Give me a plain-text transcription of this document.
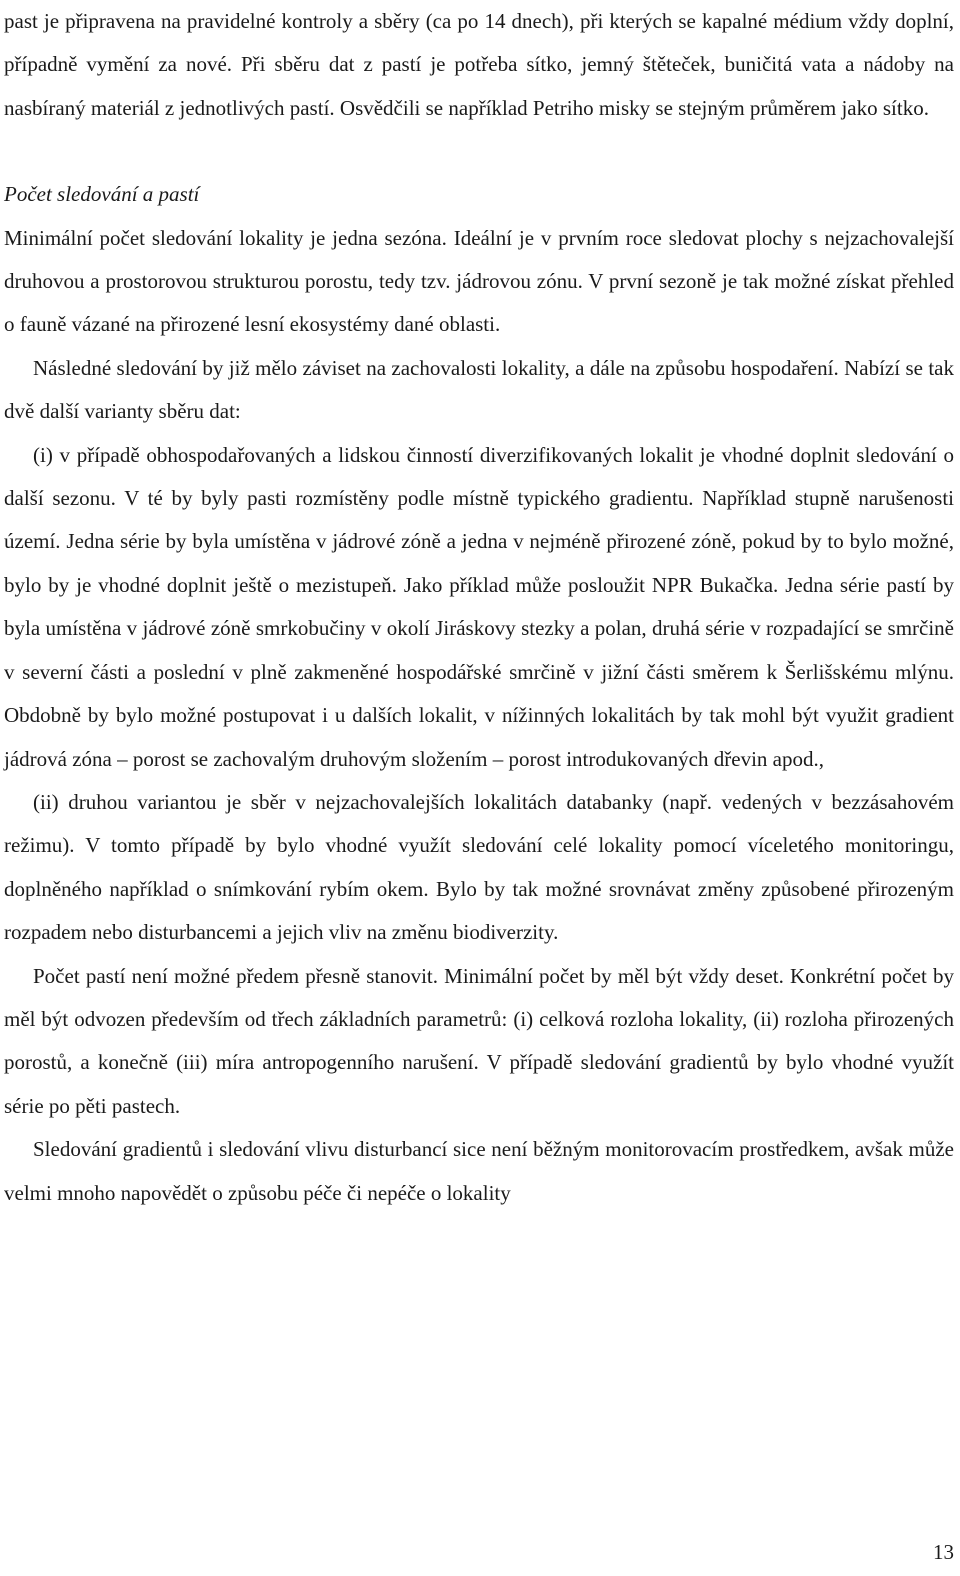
past je připravena na pravidelné kontroly a sběry (ca po 14 dnech), při kterých se kapalné médium vždy doplní, případně vymění za nové. Při sběru dat z pastí je potřeba sítko, jemný štěteček, buničitá vata a nádoby na nasbíraný materiál z jednotlivých pastí. Osvědčili se například Petriho misky se stejným průměrem jako sítko.

Počet sledování a pastí

Minimální počet sledování lokality je jedna sezóna. Ideální je v prvním roce sledovat plochy s nejzachovalejší druhovou a prostorovou strukturou porostu, tedy tzv. jádrovou zónu. V první sezoně je tak možné získat přehled o fauně vázané na přirozené lesní ekosystémy dané oblasti.

Následné sledování by již mělo záviset na zachovalosti lokality, a dále na způsobu hospodaření. Nabízí se tak dvě další varianty sběru dat:

(i) v případě obhospodařovaných a lidskou činností diverzifikovaných lokalit je vhodné doplnit sledování o další sezonu. V té by byly pasti rozmístěny podle místně typického gradientu. Například stupně narušenosti území. Jedna série by byla umístěna v jádrové zóně a jedna v nejméně přirozené zóně, pokud by to bylo možné, bylo by je vhodné doplnit ještě o mezistupeň. Jako příklad může posloužit NPR Bukačka. Jedna série pastí by byla umístěna v jádrové zóně smrkobučiny v okolí Jiráskovy stezky a polan, druhá série v rozpadající se smrčině v severní části a poslední v plně zakmeněné hospodářské smrčině v jižní části směrem k Šerlišskému mlýnu. Obdobně by bylo možné postupovat i u dalších lokalit, v nížinných lokalitách by tak mohl být využit gradient jádrová zóna – porost se zachovalým druhovým složením – porost introdukovaných dřevin apod.,

(ii) druhou variantou je sběr v nejzachovalejších lokalitách databanky (např. vedených v bezzásahovém režimu). V tomto případě by bylo vhodné využít sledování celé lokality pomocí víceletého monitoringu, doplněného například o snímkování rybím okem. Bylo by tak možné srovnávat změny způsobené přirozeným rozpadem nebo disturbancemi a jejich vliv na změnu biodiverzity.

Počet pastí není možné předem přesně stanovit. Minimální počet by měl být vždy deset. Konkrétní počet by měl být odvozen především od třech základních parametrů: (i) celková rozloha lokality, (ii) rozloha přirozených porostů, a konečně (iii) míra antropogenního narušení. V případě sledování gradientů by bylo vhodné využít série po pěti pastech.

Sledování gradientů i sledování vlivu disturbancí sice není běžným monitorovacím prostředkem, avšak může velmi mnoho napovědět o způsobu péče či nepéče o lokality

13
